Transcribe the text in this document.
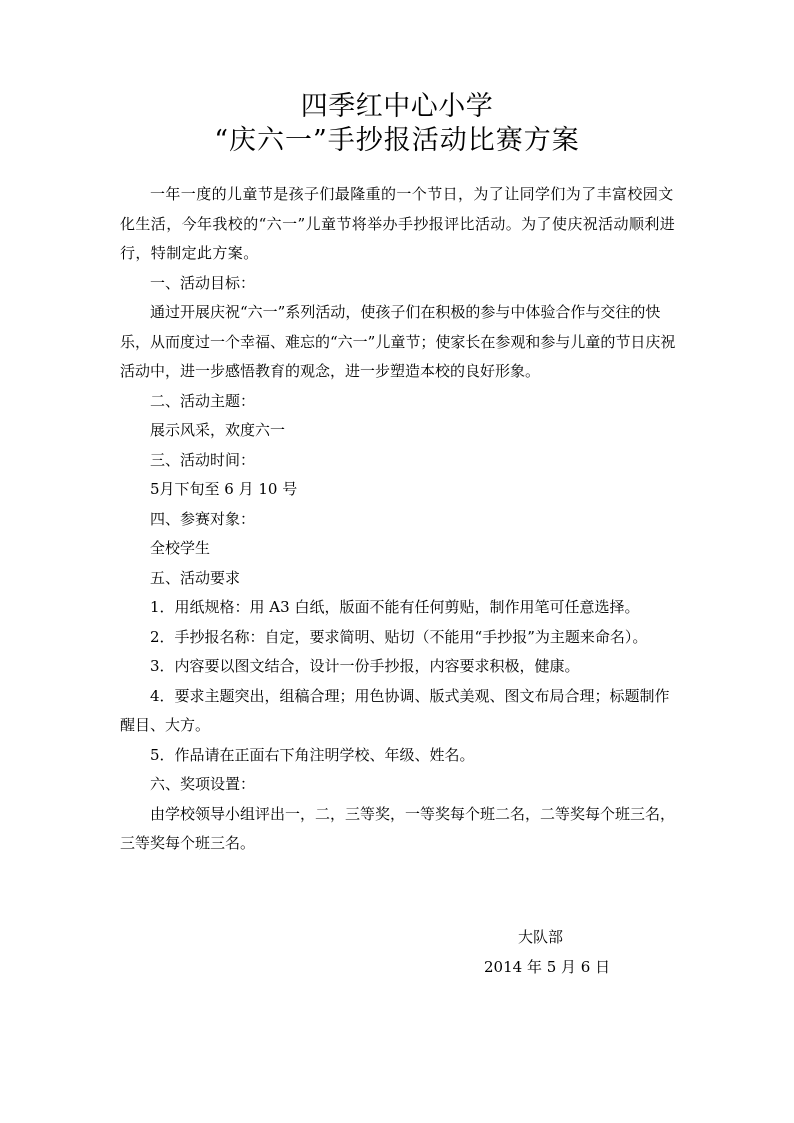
四季红中心小学
“庆六一”手抄报活动比赛方案

一年一度的儿童节是孩子们最隆重的一个节日，为了让同学们为了丰富校园文化生活，今年我校的“六一”儿童节将举办手抄报评比活动。为了使庆祝活动顺利进行，特制定此方案。

一、活动目标：

通过开展庆祝“六一”系列活动，使孩子们在积极的参与中体验合作与交往的快乐，从而度过一个幸福、难忘的“六一”儿童节；使家长在参观和参与儿童的节日庆祝活动中，进一步感悟教育的观念，进一步塑造本校的良好形象。

二、活动主题：

展示风采，欢度六一

三、活动时间：

5月下旬至 6 月 10 号

四、参赛对象：

全校学生

五、活动要求

1．用纸规格：用 A3 白纸，版面不能有任何剪贴，制作用笔可任意选择。

2．手抄报名称：自定，要求简明、贴切（不能用“手抄报”为主题来命名）。

3．内容要以图文结合，设计一份手抄报，内容要求积极，健康。

4．要求主题突出，组稿合理；用色协调、版式美观、图文布局合理；标题制作醒目、大方。

5．作品请在正面右下角注明学校、年级、姓名。

六、奖项设置：

由学校领导小组评出一，二，三等奖，一等奖每个班二名，二等奖每个班三名，三等奖每个班三名。

大队部
2014 年 5 月 6 日
